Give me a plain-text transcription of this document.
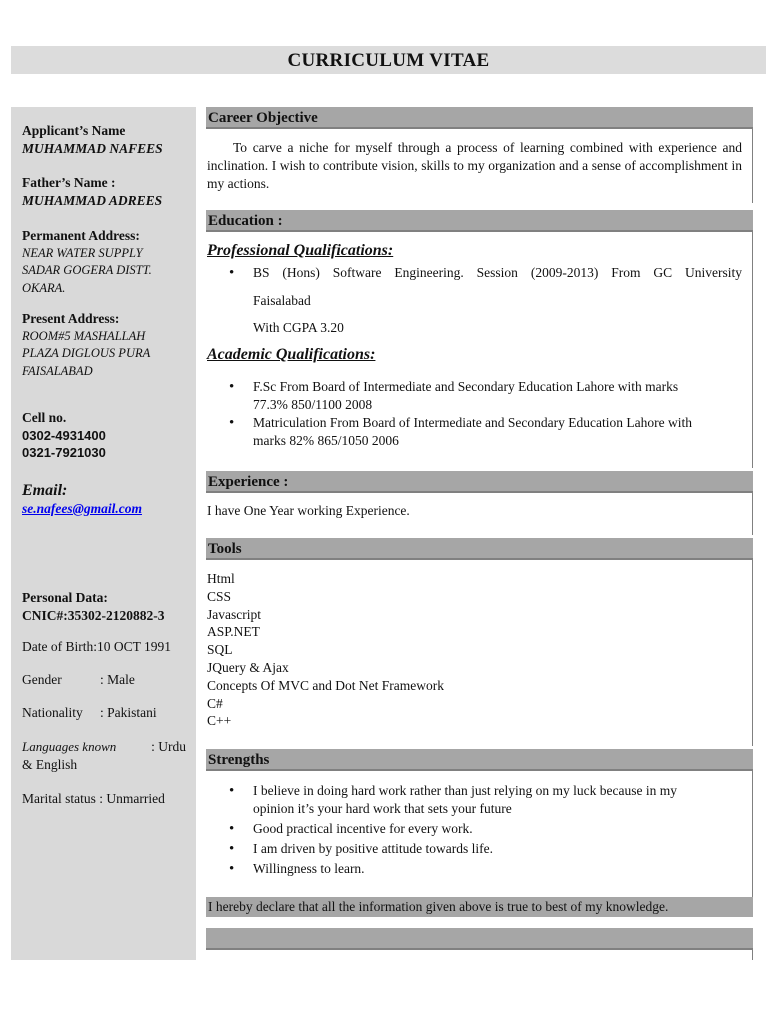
CURRICULUM VITAE
Applicant’s Name
MUHAMMAD NAFEES
Father’s Name :
MUHAMMAD ADREES
Permanent Address:
NEAR WATER SUPPLY
SADAR GOGERA DISTT.
OKARA.
Present Address:
ROOM#5 MASHALLAH
PLAZA DIGLOUS PURA
FAISALABAD
Cell no.
0302-4931400
0321-7921030
Email:
se.nafees@gmail.com
Personal Data:
CNIC#:35302-2120882-3
Date of Birth:10 OCT 1991
Gender	: Male
Nationality : Pakistani
Languages known	: Urdu
& English
Marital status : Unmarried
Career Objective
To carve a niche for myself through a process of learning combined with experience and inclination. I wish to contribute vision, skills to my organization and a sense of accomplishment in my actions.
Education :
Professional Qualifications:
• BS (Hons) Software Engineering. Session (2009-2013) From GC University
Faisalabad
With CGPA 3.20
Academic Qualifications:
• F.Sc From Board of Intermediate and Secondary Education Lahore with marks
77.3% 850/1100 2008
• Matriculation From Board of Intermediate and Secondary Education Lahore with
marks 82% 865/1050 2006
Experience :
I have One Year working Experience.
Tools
Html
CSS
Javascript
ASP.NET
SQL
JQuery & Ajax
Concepts Of MVC and Dot Net Framework
C#
C++
Strengths
• I believe in doing hard work rather than just relying on my luck because in my
opinion it’s your hard work that sets your future
• Good practical incentive for every work.
• I am driven by positive attitude towards life.
• Willingness to learn.
I hereby declare that all the information given above is true to best of my knowledge.
